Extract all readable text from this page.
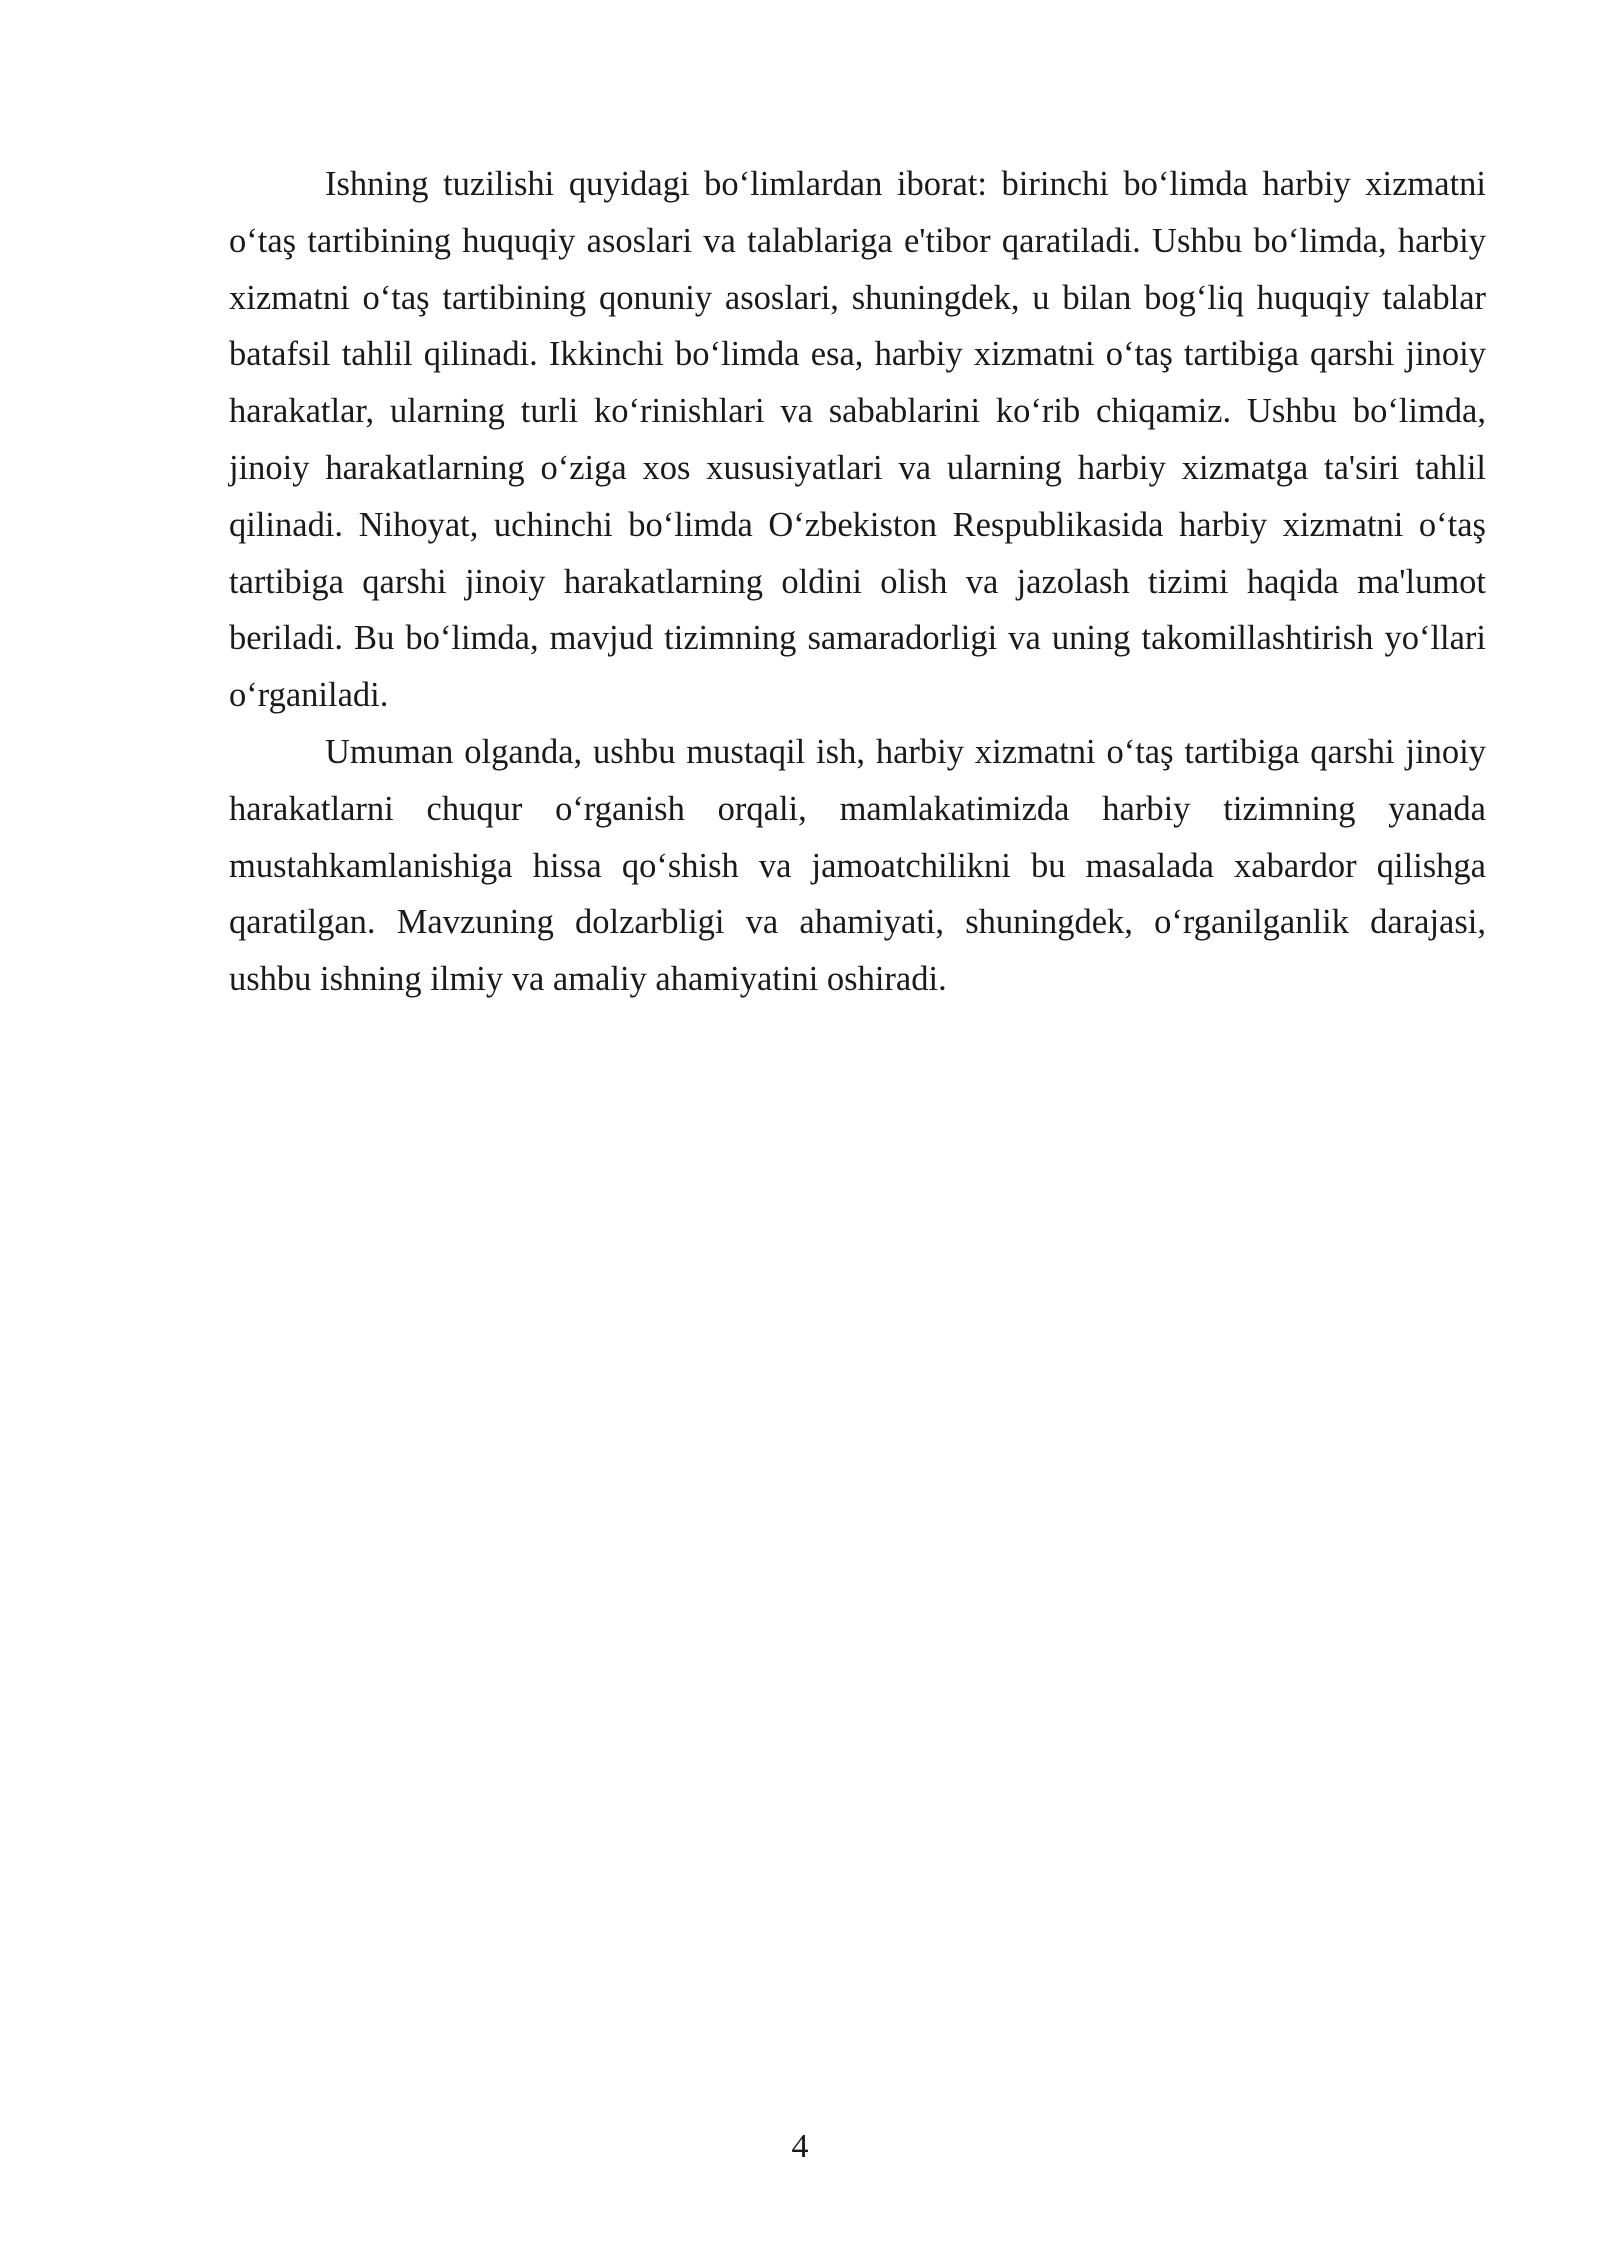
Ishning tuzilishi quyidagi bo‘limlardan iborat: birinchi bo‘limda harbiy xizmatni o‘taş tartibining huquqiy asoslari va talablariga e'tibor qaratiladi. Ushbu bo‘limda, harbiy xizmatni o‘taş tartibining qonuniy asoslari, shuningdek, u bilan bog‘liq huquqiy talablar batafsil tahlil qilinadi. Ikkinchi bo‘limda esa, harbiy xizmatni o‘taş tartibiga qarshi jinoiy harakatlar, ularning turli ko‘rinishlari va sabablarini ko‘rib chiqamiz. Ushbu bo‘limda, jinoiy harakatlarning o‘ziga xos xususiyatlari va ularning harbiy xizmatga ta'siri tahlil qilinadi. Nihoyat, uchinchi bo‘limda O‘zbekiston Respublikasida harbiy xizmatni o‘taş tartibiga qarshi jinoiy harakatlarning oldini olish va jazolash tizimi haqida ma'lumot beriladi. Bu bo‘limda, mavjud tizimning samaradorligi va uning takomillashtirish yo‘llari o‘rganiladi.

Umuman olganda, ushbu mustaqil ish, harbiy xizmatni o‘taş tartibiga qarshi jinoiy harakatlarni chuqur o‘rganish orqali, mamlakatimizda harbiy tizimning yanada mustahkamlanishiga hissa qo‘shish va jamoatchilikni bu masalada xabardor qilishga qaratilgan. Mavzuning dolzarbligi va ahamiyati, shuningdek, o‘rganilganlik darajasi, ushbu ishning ilmiy va amaliy ahamiyatini oshiradi.

4
